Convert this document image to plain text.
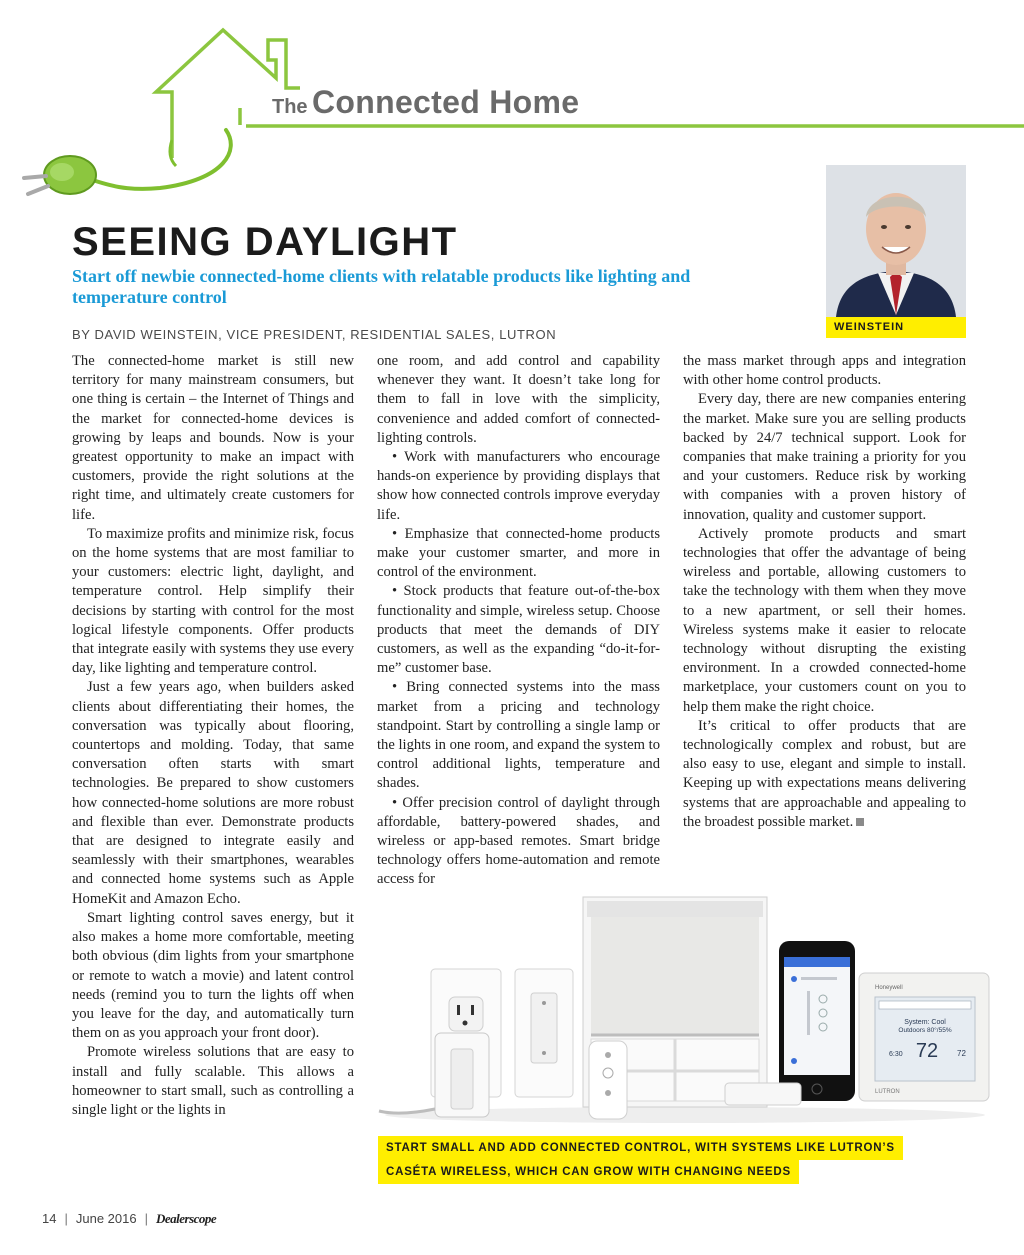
The Connected Home
SEEING DAYLIGHT

Start off newbie connected-home clients with relatable products like lighting and temperature control

BY DAVID WEINSTEIN, VICE PRESIDENT, RESIDENTIAL SALES, LUTRON	WEINSTEIN

The connected-home market is still new territory for many mainstream consumers, but one thing is certain – the Internet of Things and the market for connected-home devices is growing by leaps and bounds. Now is your greatest opportunity to make an impact with customers, provide the right solutions at the right time, and ultimately create customers for life.

To maximize profits and minimize risk, focus on the home systems that are most familiar to your customers: electric light, daylight, and temperature control. Help simplify their decisions by starting with control for the most logical lifestyle components. Offer products that integrate easily with systems they use every day, like lighting and temperature control.

Just a few years ago, when builders asked clients about differentiating their homes, the conversation was typically about flooring, countertops and molding. Today, that same conversation often starts with smart technologies. Be prepared to show customers how connected-home solutions are more robust and flexible than ever. Demonstrate products that are designed to integrate easily and seamlessly with their smartphones, wearables and connected home systems such as Apple HomeKit and Amazon Echo.

Smart lighting control saves energy, but it also makes a home more comfortable, meeting both obvious (dim lights from your smartphone or remote to watch a movie) and latent control needs (remind you to turn the lights off when you leave for the day, and automatically turn them on as you approach your front door).

Promote wireless solutions that are easy to install and fully scalable. This allows a homeowner to start small, such as controlling a single light or the lights in

one room, and add control and capability whenever they want. It doesn’t take long for them to fall in love with the simplicity, convenience and added comfort of connected-lighting controls.

• Work with manufacturers who encourage hands-on experience by providing displays that show how connected controls improve everyday life.

• Emphasize that connected-home products make your customer smarter, and more in control of the environment.

• Stock products that feature out-of-the-box functionality and simple, wireless setup. Choose products that meet the demands of DIY customers, as well as the expanding “do-it-for-me” customer base.

• Bring connected systems into the mass market from a pricing and technology standpoint. Start by controlling a single lamp or the lights in one room, and expand the system to control additional lights, temperature and shades.

• Offer precision control of daylight through affordable, battery-powered shades, and wireless or app-based remotes. Smart bridge technology offers home-automation and remote access for

the mass market through apps and integration with other home control products.

Every day, there are new companies entering the market. Make sure you are selling products backed by 24/7 technical support. Look for companies that make training a priority for you and your customers. Reduce risk by working with companies with a proven history of innovation, quality and customer support.

Actively promote products and smart technologies that offer the advantage of being wireless and portable, allowing customers to take the technology with them when they move to a new apartment, or sell their homes. Wireless systems make it easier to relocate technology without disrupting the existing environment. In a crowded connected-home marketplace, your customers count on you to help them make the right choice.

It’s critical to offer products that are technologically complex and robust, but are also easy to use, elegant and simple to install. Keeping up with expectations means delivering systems that are approachable and appealing to the broadest possible market.

System: Cool
Outdoors 80°/55%
72
6:30	72
Honeywell
LUTRON
START SMALL AND ADD CONNECTED CONTROL, WITH SYSTEMS LIKE LUTRON’S
CASÉTA WIRELESS, WHICH CAN GROW WITH CHANGING NEEDS
14 | June 2016 | Dealerscope
